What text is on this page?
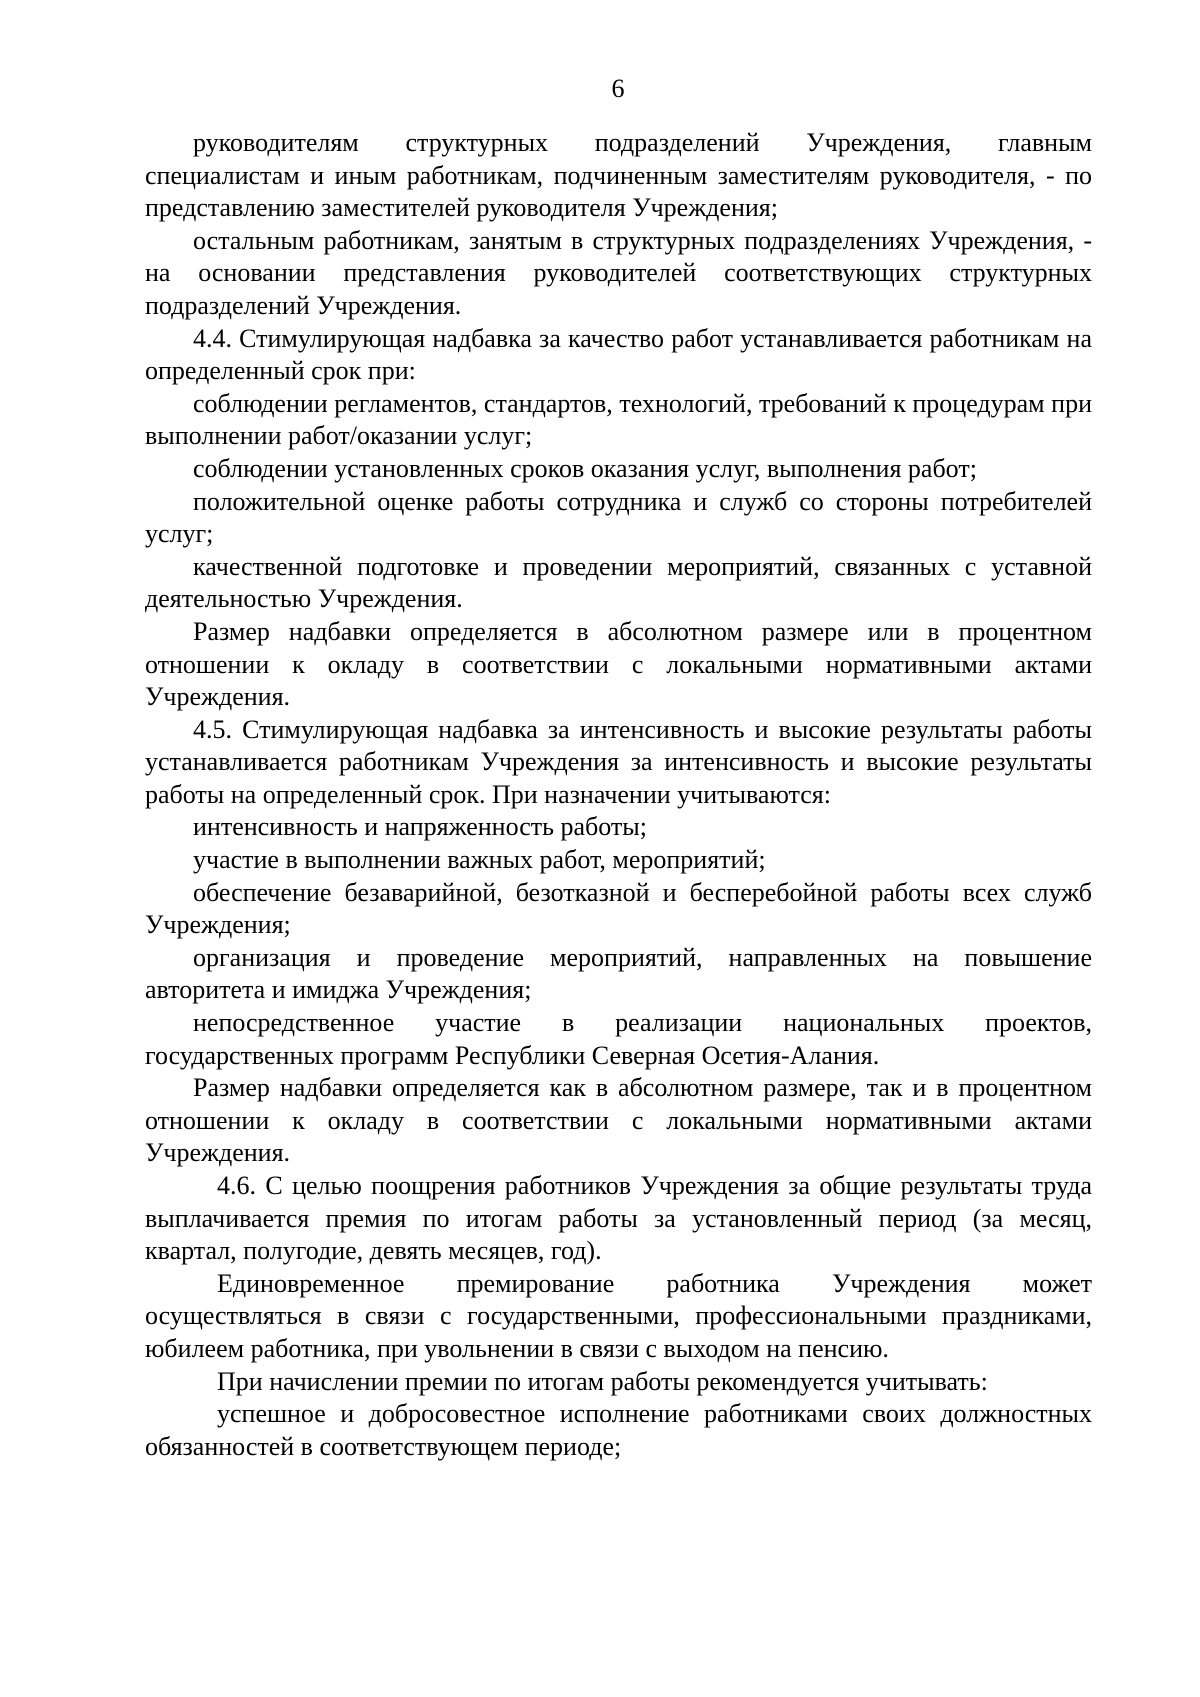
6

руководителям структурных подразделений Учреждения, главным специалистам и иным работникам, подчиненным заместителям руководителя, - по представлению заместителей руководителя Учреждения;

остальным работникам, занятым в структурных подразделениях Учреждения, - на основании представления руководителей соответствующих структурных подразделений Учреждения.

4.4. Стимулирующая надбавка за качество работ устанавливается работникам на определенный срок при:

соблюдении регламентов, стандартов, технологий, требований к процедурам при выполнении работ/оказании услуг;

соблюдении установленных сроков оказания услуг, выполнения работ;

положительной оценке работы сотрудника и служб со стороны потребителей услуг;

качественной подготовке и проведении мероприятий, связанных с уставной деятельностью Учреждения.

Размер надбавки определяется в абсолютном размере или в процентном отношении к окладу в соответствии с локальными нормативными актами Учреждения.

4.5. Стимулирующая надбавка за интенсивность и высокие результаты работы устанавливается работникам Учреждения за интенсивность и высокие результаты работы на определенный срок. При назначении учитываются:

интенсивность и напряженность работы;

участие в выполнении важных работ, мероприятий;

обеспечение безаварийной, безотказной и бесперебойной работы всех служб Учреждения;

организация и проведение мероприятий, направленных на повышение авторитета и имиджа Учреждения;

непосредственное участие в реализации национальных проектов, государственных программ Республики Северная Осетия-Алания.

Размер надбавки определяется как в абсолютном размере, так и в процентном отношении к окладу в соответствии с локальными нормативными актами Учреждения.

4.6. С целью поощрения работников Учреждения за общие результаты труда выплачивается премия по итогам работы за установленный период (за месяц, квартал, полугодие, девять месяцев, год).

Единовременное премирование работника Учреждения может осуществляться в связи с государственными, профессиональными праздниками, юбилеем работника, при увольнении в связи с выходом на пенсию.

При начислении премии по итогам работы рекомендуется учитывать:

успешное и добросовестное исполнение работниками своих должностных обязанностей в соответствующем периоде;
